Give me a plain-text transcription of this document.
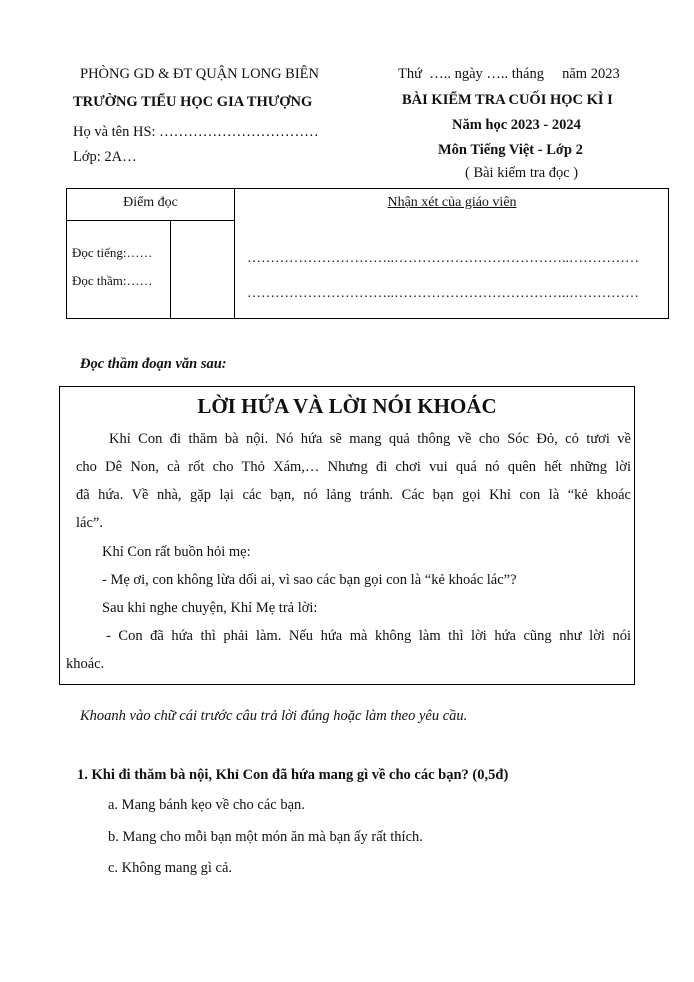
PHÒNG GD & ĐT QUẬN LONG BIÊN
TRƯỜNG TIỂU HỌC GIA THƯỢNG
Họ và tên HS: ……………………………
Lớp: 2A…
Thứ  ….. ngày ….. tháng     năm 2023
BÀI KIỂM TRA CUỐI HỌC KÌ I
Năm học 2023 - 2024
Môn Tiếng Việt - Lớp 2
( Bài kiểm tra đọc )
Điểm đọc
Đọc tiếng:……
Đọc thầm:……
Nhận xét của giáo viên
…………………………..………………………………..……………
…………………………..………………………………..……………
Đọc thầm đoạn văn sau:
LỜI HỨA VÀ LỜI NÓI KHOÁC
Khỉ Con đi thăm bà nội. Nó hứa sẽ mang quả thông về cho Sóc Đỏ, cỏ tươi về
cho Dê Non, cà rốt cho Thỏ Xám,… Nhưng đi chơi vui quá nó quên hết những lời
đã hứa. Về nhà, gặp lại các bạn, nó lảng tránh. Các bạn gọi Khỉ con là “kẻ khoác
lác”.
Khỉ Con rất buồn hỏi mẹ:
- Mẹ ơi, con không lừa dối ai, vì sao các bạn gọi con là “kẻ khoác lác”?
Sau khi nghe chuyện, Khỉ Mẹ trả lời:
- Con đã hứa thì phải làm. Nếu hứa mà không làm thì lời hứa cũng như lời nói
khoác.
Khoanh vào chữ cái trước câu trả lời đúng hoặc làm theo yêu cầu.
1. Khi đi thăm bà nội, Khỉ Con đã hứa mang gì về cho các bạn? (0,5đ)
a. Mang bánh kẹo về cho các bạn.
b. Mang cho mỗi bạn một món ăn mà bạn ấy rất thích.
c. Không mang gì cả.
